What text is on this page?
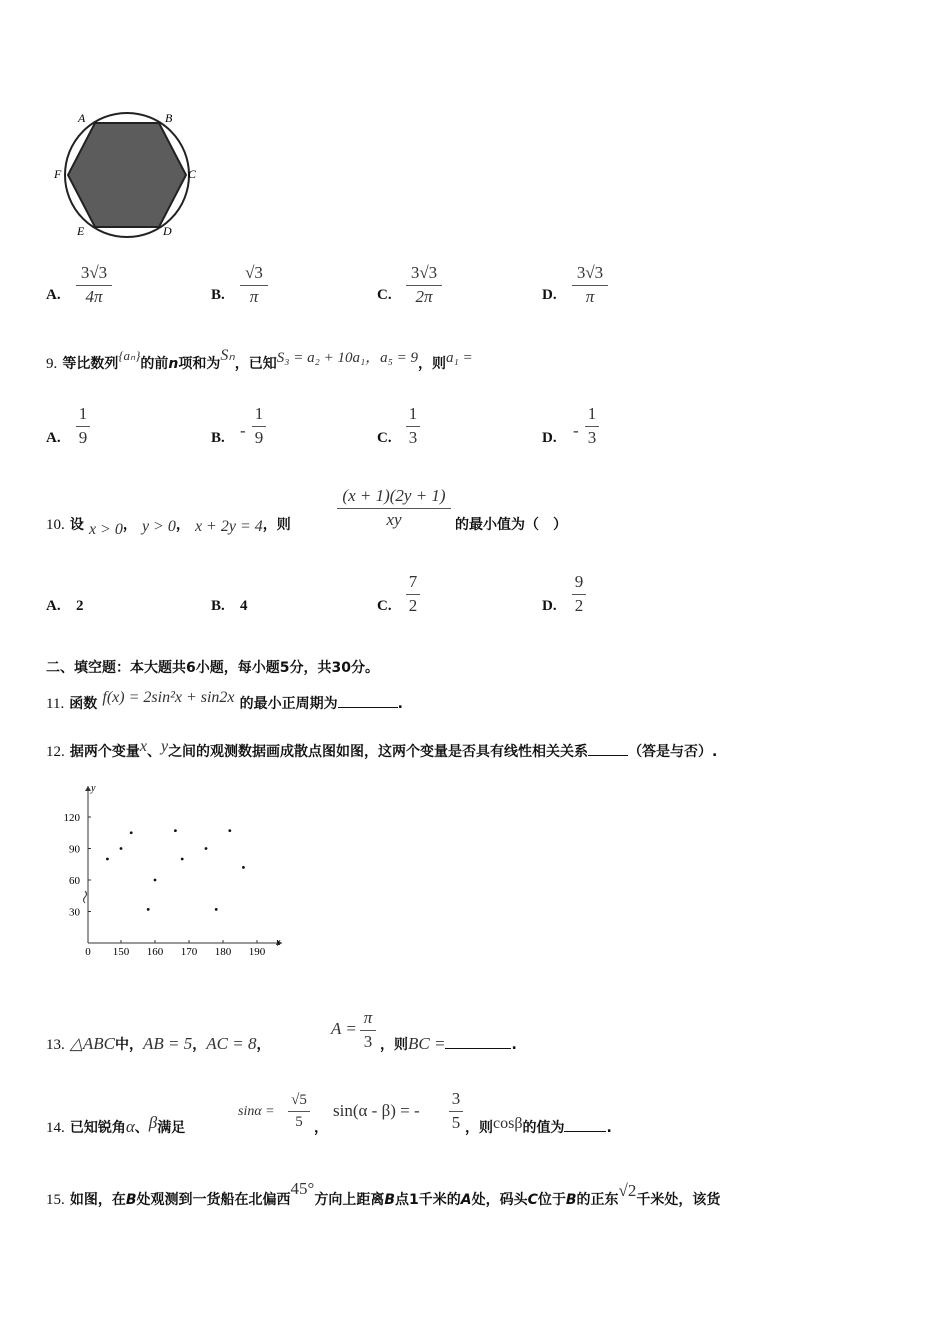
A	B
C
D
E
F
A.
3√3
4π	B.
√3
π	C.
3√3
2π	D.
3√3
π
9. 等比数列$^{\{a_n\}}$的前n项和为Sₙ，已知S₃ = a₂ + 10a₁，a₅ = 9，则a₁ =
A.
1
9	B. -
1
9	C.
1
3	D. -
1
3
10. 设 x > 0， y > 0， x + 2y = 4，则
(x + 1)(2y + 1)
xy	的最小值为（　）
A. 2	B. 4	C.
7
2	D.
9
2
二、填空题：本大题共6小题，每小题5分，共30分。
11. 函数 f(x) = 2sin²x + sin2x 的最小正周期为	.
12. 据两个变量x、y之间的观测数据画成散点图如图，这两个变量是否具有线性相关关系	（答是与否）.
x
y
0 150 160 170 180 190
120
90
60
30
13. △ABC中，AB = 5，AC = 8，
A =
π
3 ，则BC =	.
14. 已知锐角α、β满足
sinα =
√5
5 ，
sin(α - β) = -
3
5 ，则cosβ的值为	.
15. 如图，在B处观测到一货船在北偏西45°方向上距离B点1千米的A处，码头C位于B的正东√2千米处，该货
